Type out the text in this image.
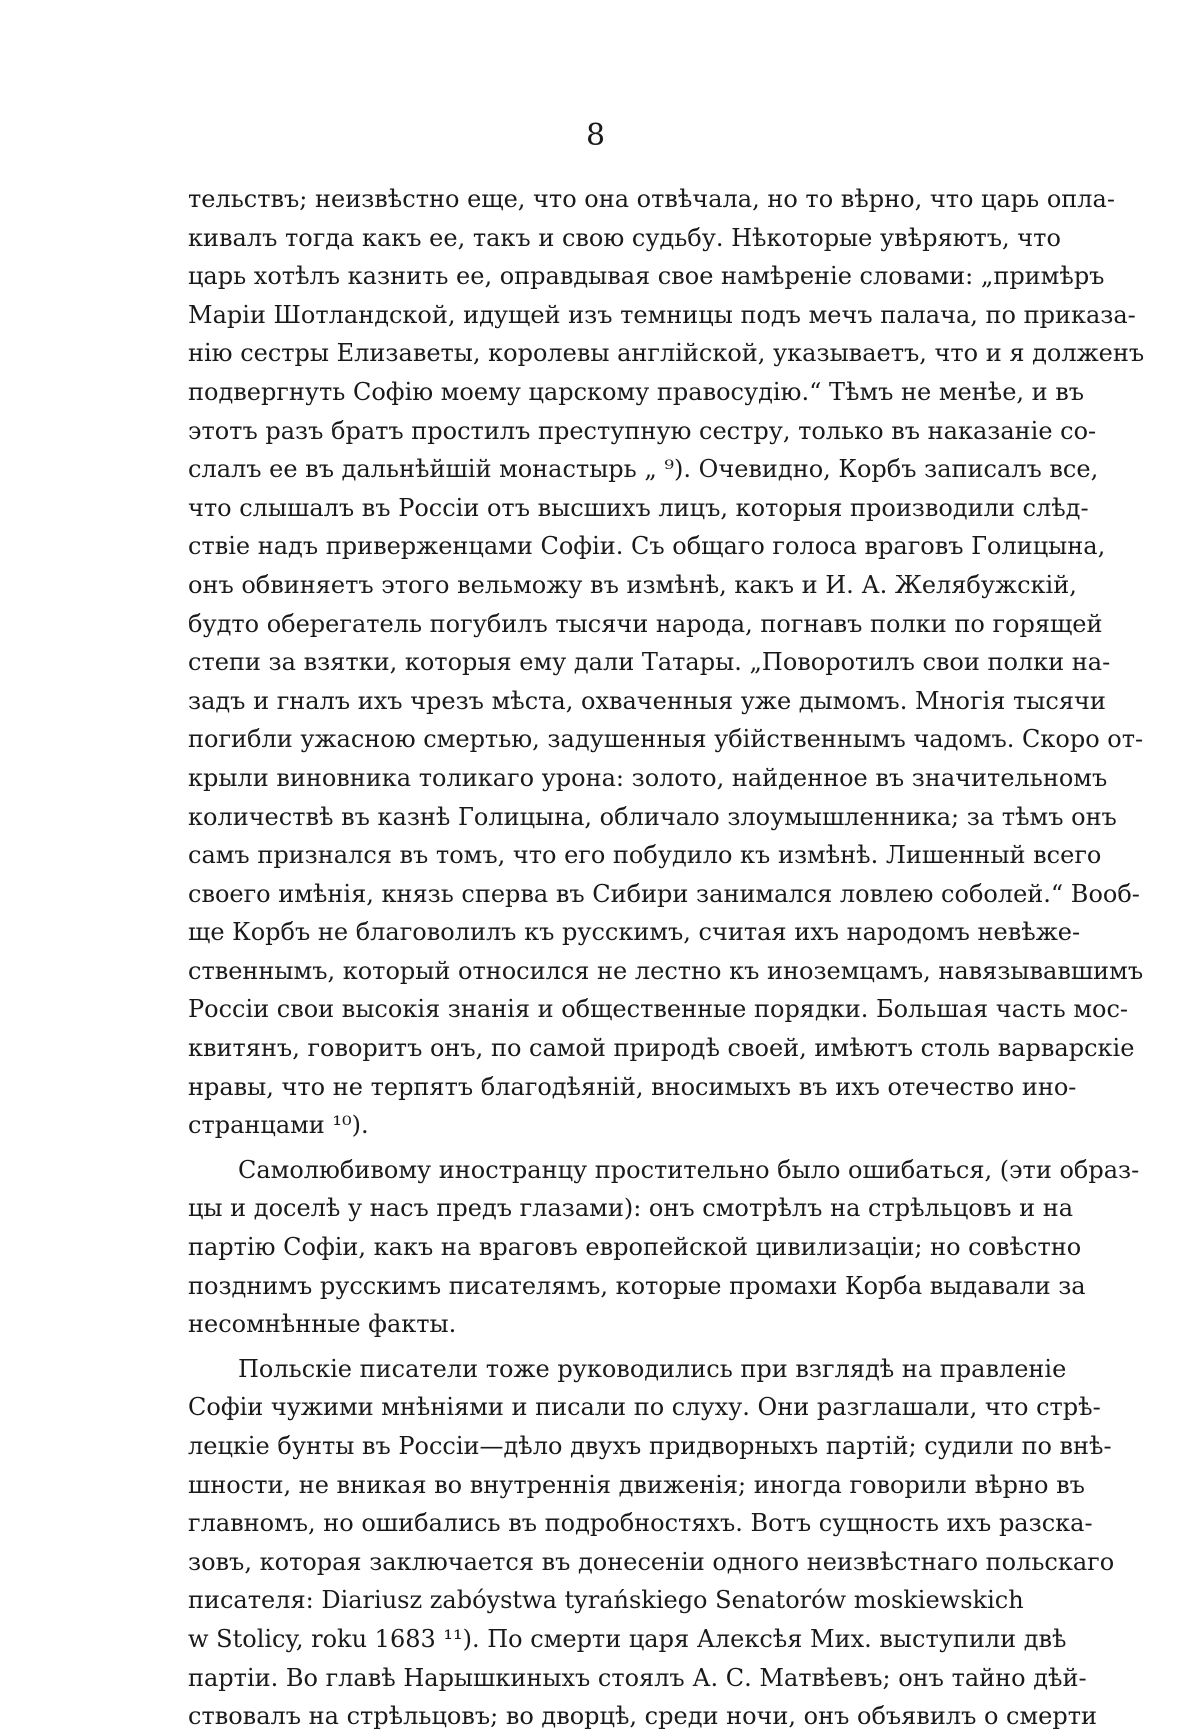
8
тельствъ; неизвѣстно еще, что она отвѣчала, но то вѣрно, что царь опла-
кивалъ тогда какъ ее, такъ и свою судьбу. Нѣкоторые увѣряютъ, что
царь хотѣлъ казнить ее, оправдывая свое намѣреніе словами: „примѣръ
Маріи Шотландской, идущей изъ темницы подъ мечъ палача, по приказа-
нію сестры Елизаветы, королевы англійской, указываетъ, что и я долженъ
подвергнуть Софію моему царскому правосудію.“ Тѣмъ не менѣе, и въ
этотъ разъ братъ простилъ преступную сестру, только въ наказаніе со-
слалъ ее въ дальнѣйшій монастырь „ ⁹). Очевидно, Корбъ записалъ все,
что слышалъ въ Россіи отъ высшихъ лицъ, которыя производили слѣд-
ствіе надъ приверженцами Софіи. Съ общаго голоса враговъ Голицына,
онъ обвиняетъ этого вельможу въ измѣнѣ, какъ и И. А. Желябужскій,
будто оберегатель погубилъ тысячи народа, погнавъ полки по горящей
степи за взятки, которыя ему дали Татары. „Поворотилъ свои полки на-
задъ и гналъ ихъ чрезъ мѣста, охваченныя уже дымомъ. Многія тысячи
погибли ужасною смертью, задушенныя убійственнымъ чадомъ. Скоро от-
крыли виновника толикаго урона: золото, найденное въ значительномъ
количествѣ въ казнѣ Голицына, обличало злоумышленника; за тѣмъ онъ
самъ признался въ томъ, что его побудило къ измѣнѣ. Лишенный всего
своего имѣнія, князь сперва въ Сибири занимался ловлею соболей.“ Вооб-
ще Корбъ не благоволилъ къ русскимъ, считая ихъ народомъ невѣже-
ственнымъ, который относился не лестно къ иноземцамъ, навязывавшимъ
Россіи свои высокія знанія и общественные порядки. Большая часть мос-
квитянъ, говоритъ онъ, по самой природѣ своей, имѣютъ столь варварскіе
нравы, что не терпятъ благодѣяній, вносимыхъ въ ихъ отечество ино-
странцами ¹⁰).
Самолюбивому иностранцу простительно было ошибаться, (эти образ-
цы и доселѣ у насъ предъ глазами): онъ смотрѣлъ на стрѣльцовъ и на
партію Софіи, какъ на враговъ европейской цивилизаціи; но совѣстно
позднимъ русскимъ писателямъ, которые промахи Корба выдавали за
несомнѣнные факты.
Польскіе писатели тоже руководились при взглядѣ на правленіе
Софіи чужими мнѣніями и писали по слуху. Они разглашали, что стрѣ-
лецкіе бунты въ Россіи—дѣло двухъ придворныхъ партій; судили по внѣ-
шности, не вникая во внутреннія движенія; иногда говорили вѣрно въ
главномъ, но ошибались въ подробностяхъ. Вотъ сущность ихъ разска-
зовъ, которая заключается въ донесеніи одного неизвѣстнаго польскаго
писателя: Diariusz zabóystwa tyrańskiego Senatorów moskiewskich
w Stolicy, roku 1683 ¹¹). По смерти царя Алексѣя Мих. выступили двѣ
партіи. Во главѣ Нарышкиныхъ стоялъ А. С. Матвѣевъ; онъ тайно дѣй-
ствовалъ на стрѣльцовъ; во дворцѣ, среди ночи, онъ объявилъ о смерти
